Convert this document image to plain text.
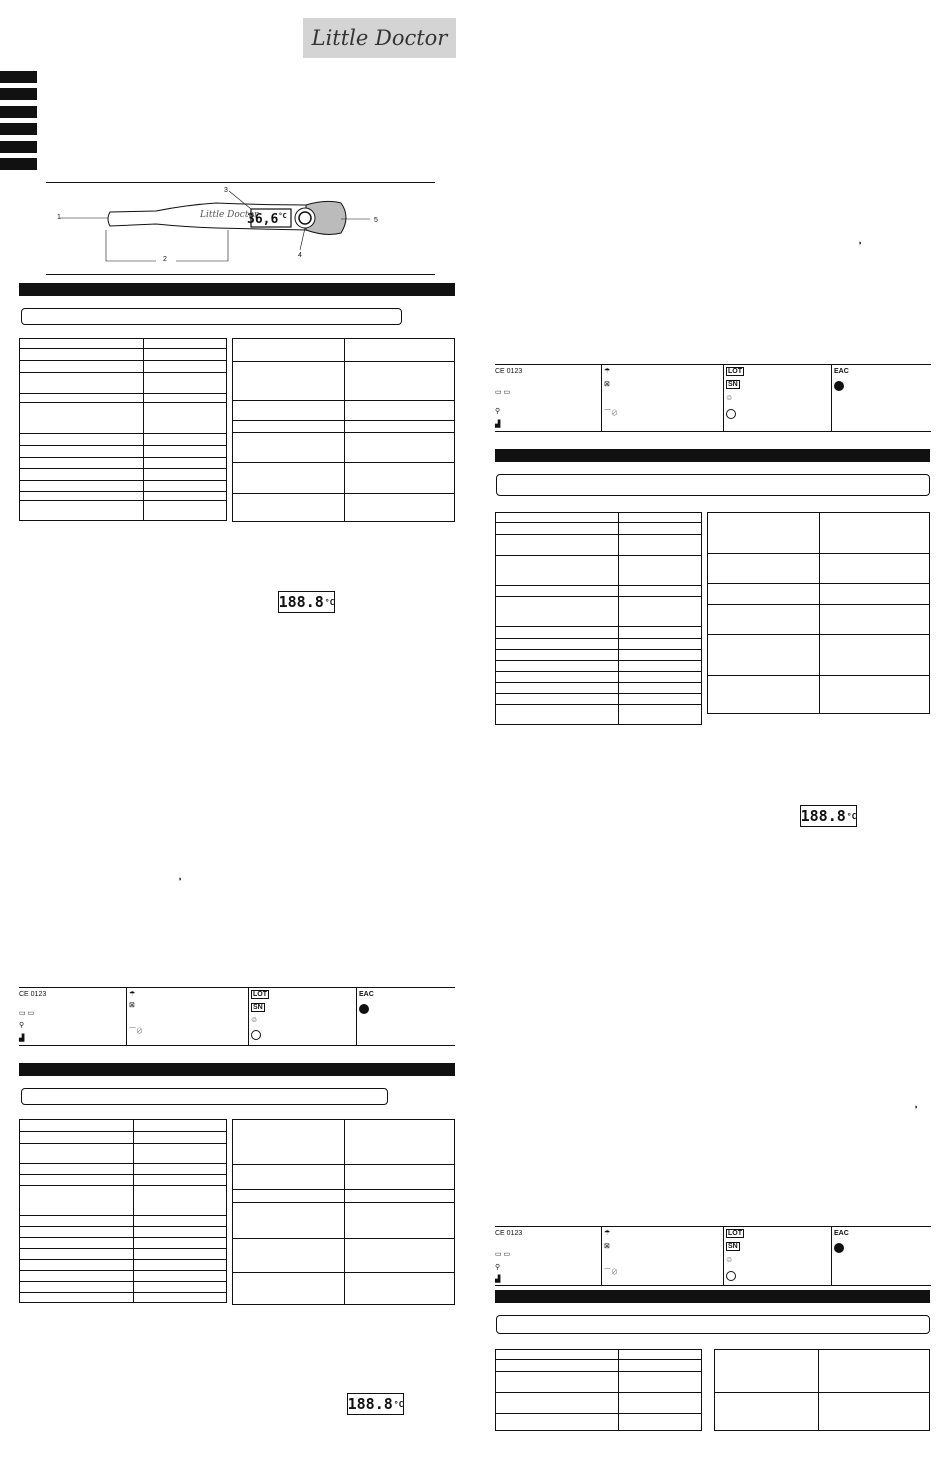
Little Doctor
$36,6^{^\circ C}$
Little Doctor
1
2
3
4
5
188.8 °C
◗
CE 0123
▭ ▭
⚲
▟
☂
⊠
⌒⊘
LOT
SN
♲
EAC
188.8 °C
◗
CE 0123
▭ ▭
⚲
▟
☂
⊠
⌒⊘
LOT
SN
♲
EAC
188.8 °C
◗
CE 0123
▭ ▭
⚲
▟
☂
⊠
⌒⊘
LOT
SN
♲
EAC
